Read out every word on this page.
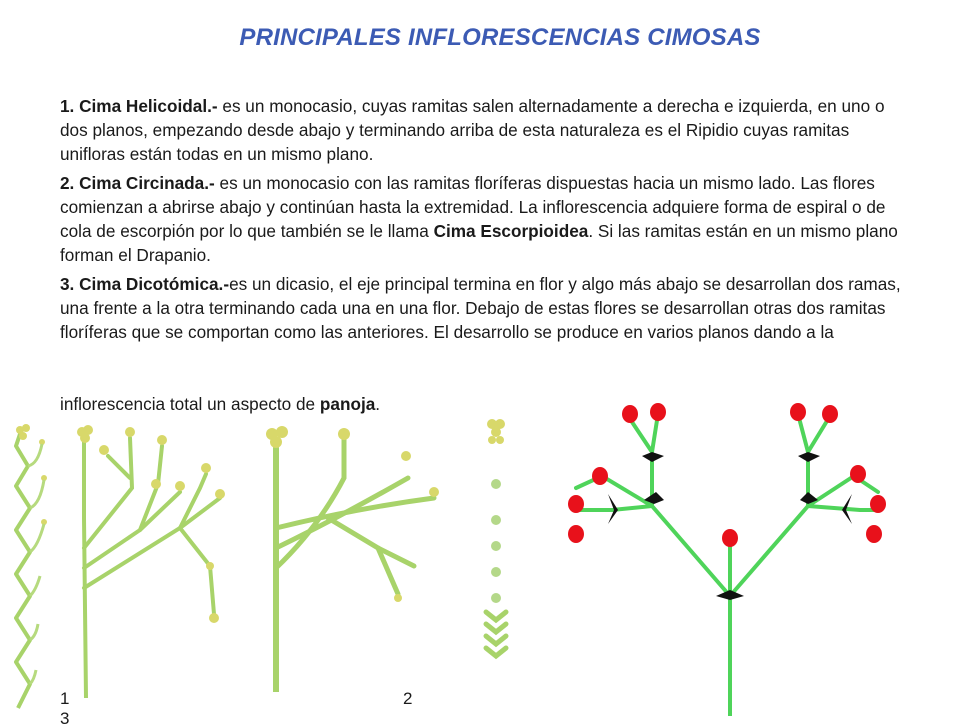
PRINCIPALES INFLORESCENCIAS CIMOSAS

1. Cima Helicoidal.- es un monocasio, cuyas ramitas salen alternadamente a derecha e izquierda, en uno o dos planos, empezando desde abajo y terminando arriba de esta naturaleza es el Ripidio cuyas ramitas unifloras están todas en un mismo plano.

2. Cima Circinada.- es un monocasio con las ramitas floríferas dispuestas hacia un mismo lado. Las flores comienzan a abrirse abajo y continúan hasta la extremidad. La inflorescencia adquiere forma de espiral o de cola de escorpión por lo que también se le llama Cima Escorpioidea. Si las ramitas están en un mismo plano forman el Drapanio.

3. Cima Dicotómica.-es un dicasio, el eje principal termina en flor y algo más abajo se desarrollan dos ramas, una frente a la otra terminando cada una en una flor. Debajo de estas flores se desarrollan otras dos ramitas floríferas que se comportan como las anteriores. El desarrollo se produce en varios planos dando a la

inflorescencia total un aspecto de panoja.
1
3
2
